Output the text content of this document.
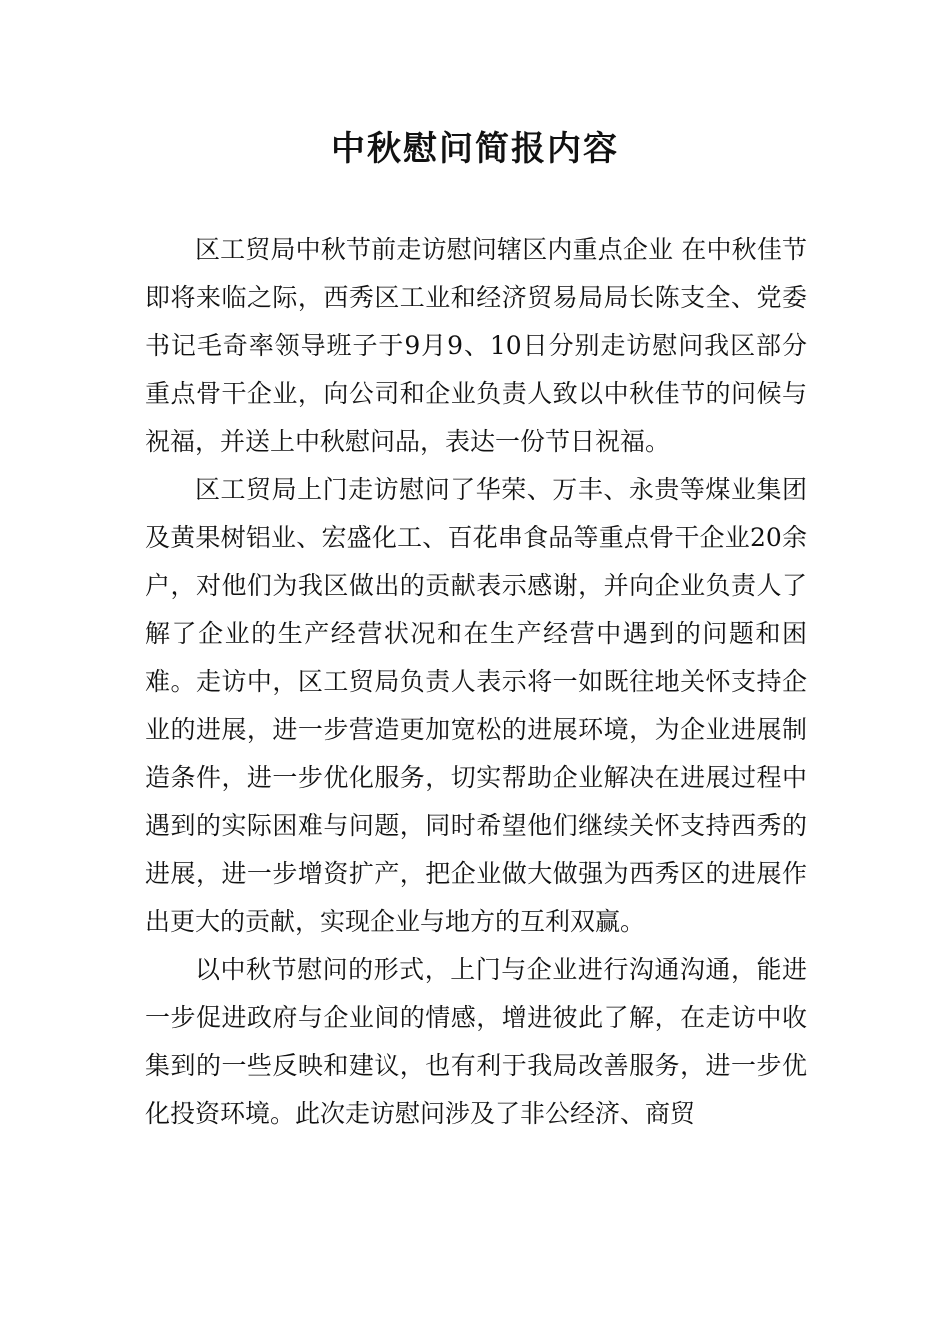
中秋慰问简报内容

区工贸局中秋节前走访慰问辖区内重点企业 在中秋佳节即将来临之际，西秀区工业和经济贸易局局长陈支全、党委书记毛奇率领导班子于9月9、10日分别走访慰问我区部分重点骨干企业，向公司和企业负责人致以中秋佳节的问候与祝福，并送上中秋慰问品，表达一份节日祝福。

区工贸局上门走访慰问了华荣、万丰、永贵等煤业集团及黄果树铝业、宏盛化工、百花串食品等重点骨干企业20余户，对他们为我区做出的贡献表示感谢，并向企业负责人了解了企业的生产经营状况和在生产经营中遇到的问题和困难。走访中，区工贸局负责人表示将一如既往地关怀支持企业的进展，进一步营造更加宽松的进展环境，为企业进展制造条件，进一步优化服务，切实帮助企业解决在进展过程中遇到的实际困难与问题，同时希望他们继续关怀支持西秀的进展，进一步增资扩产，把企业做大做强为西秀区的进展作出更大的贡献，实现企业与地方的互利双赢。

以中秋节慰问的形式，上门与企业进行沟通沟通，能进一步促进政府与企业间的情感，增进彼此了解，在走访中收集到的一些反映和建议，也有利于我局改善服务，进一步优化投资环境。此次走访慰问涉及了非公经济、商贸
